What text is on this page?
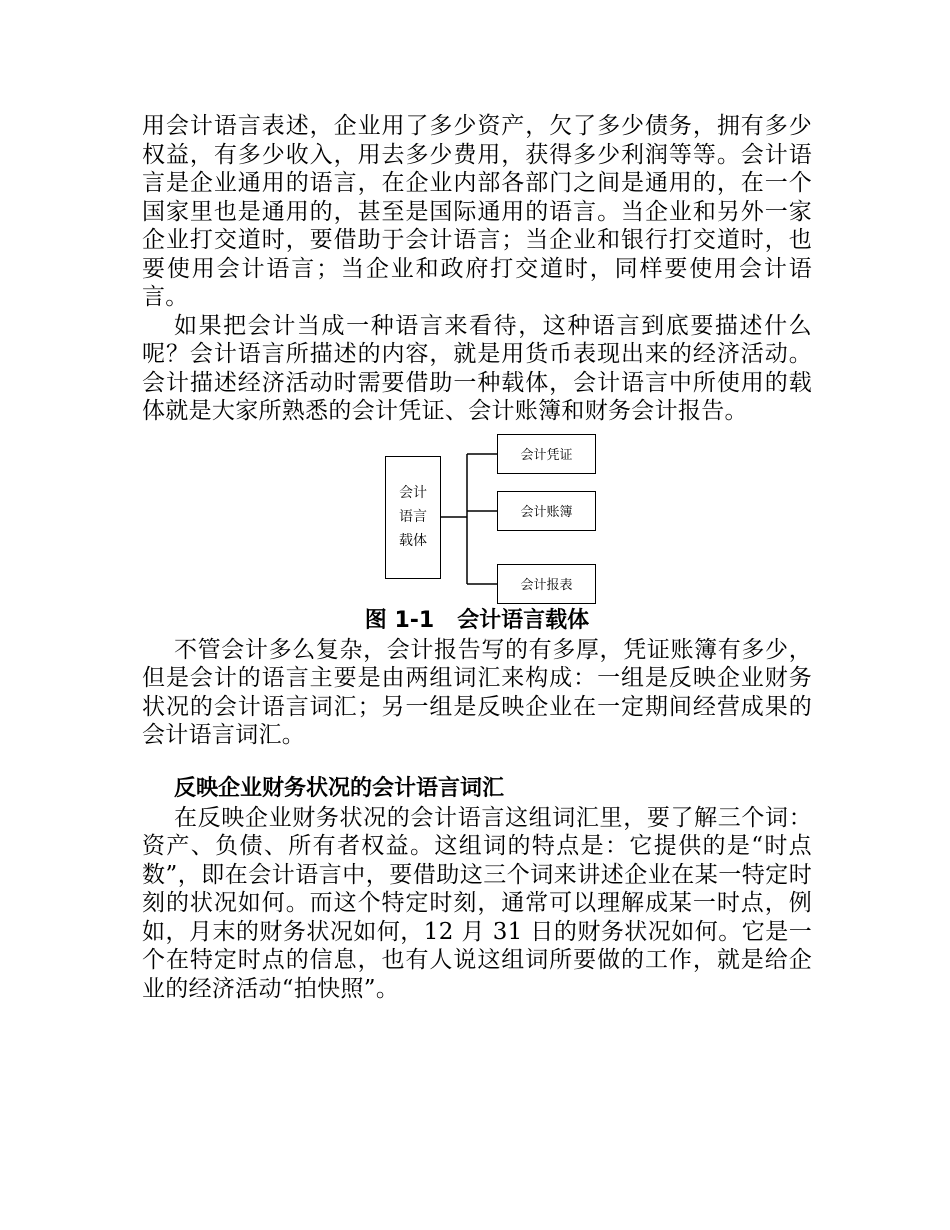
用会计语言表述，企业用了多少资产，欠了多少债务，拥有多少权益，有多少收入，用去多少费用，获得多少利润等等。会计语言是企业通用的语言，在企业内部各部门之间是通用的，在一个国家里也是通用的，甚至是国际通用的语言。当企业和另外一家企业打交道时，要借助于会计语言；当企业和银行打交道时，也要使用会计语言；当企业和政府打交道时，同样要使用会计语言。

如果把会计当成一种语言来看待，这种语言到底要描述什么呢？会计语言所描述的内容，就是用货币表现出来的经济活动。会计描述经济活动时需要借助一种载体，会计语言中所使用的载体就是大家所熟悉的会计凭证、会计账簿和财务会计报告。

会计
语言
载体
会计凭证
会计账簿
会计报表
图 1-1   会计语言载体

不管会计多么复杂，会计报告写的有多厚，凭证账簿有多少，但是会计的语言主要是由两组词汇来构成：一组是反映企业财务状况的会计语言词汇；另一组是反映企业在一定期间经营成果的会计语言词汇。

反映企业财务状况的会计语言词汇

在反映企业财务状况的会计语言这组词汇里，要了解三个词：资产、负债、所有者权益。这组词的特点是：它提供的是“时点数”，即在会计语言中，要借助这三个词来讲述企业在某一特定时刻的状况如何。而这个特定时刻，通常可以理解成某一时点，例如，月末的财务状况如何，12 月 31 日的财务状况如何。它是一个在特定时点的信息，也有人说这组词所要做的工作，就是给企业的经济活动“拍快照”。
